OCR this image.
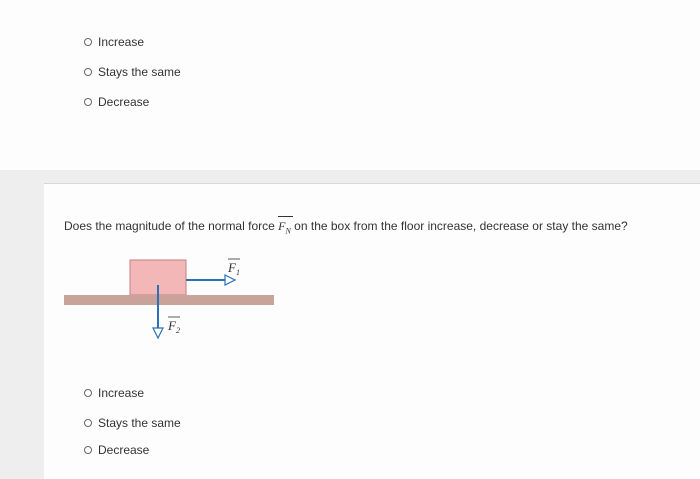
Increase
Stays the same
Decrease
Does the magnitude of the normal force $F_N$ on the box from the floor increase, decrease or stay the same?
$F_1$
$F_2$
Increase
Stays the same
Decrease
